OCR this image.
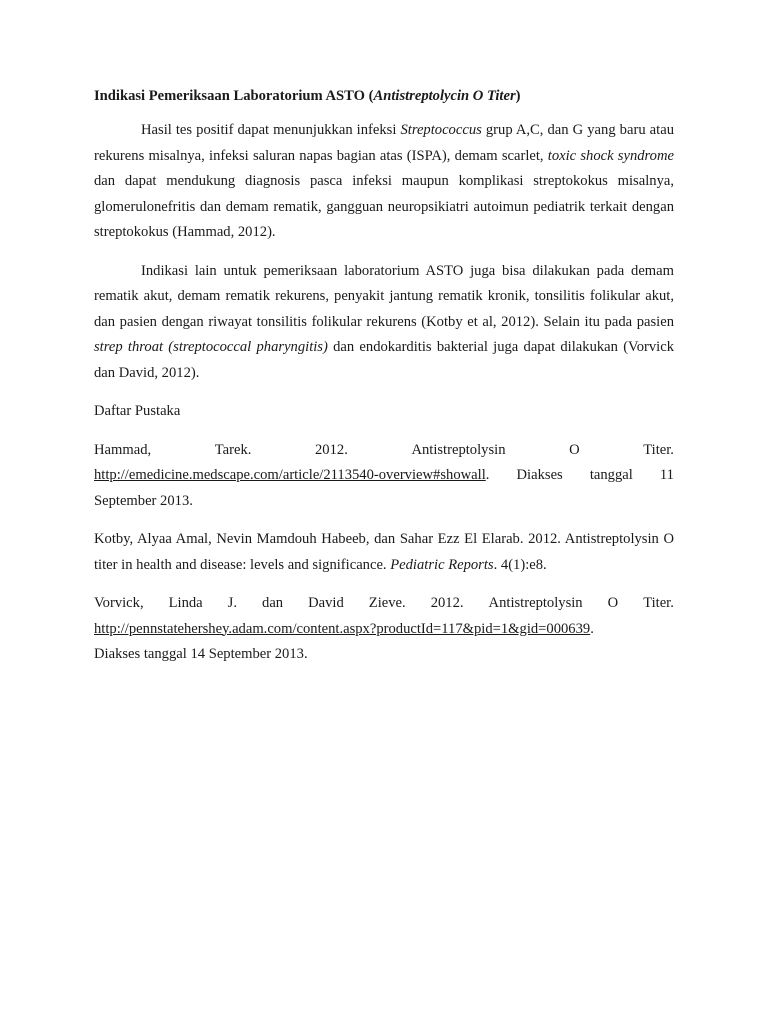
Indikasi Pemeriksaan Laboratorium ASTO (Antistreptolycin O Titer)

Hasil tes positif dapat menunjukkan infeksi Streptococcus grup A,C, dan G yang baru atau rekurens misalnya, infeksi saluran napas bagian atas (ISPA), demam scarlet, toxic shock syndrome dan dapat mendukung diagnosis pasca infeksi maupun komplikasi streptokokus misalnya, glomerulonefritis dan demam rematik, gangguan neuropsikiatri autoimun pediatrik terkait dengan streptokokus (Hammad, 2012).

Indikasi lain untuk pemeriksaan laboratorium ASTO juga bisa dilakukan pada demam rematik akut, demam rematik rekurens, penyakit jantung rematik kronik, tonsilitis folikular akut, dan pasien dengan riwayat tonsilitis folikular rekurens (Kotby et al, 2012). Selain itu pada pasien strep throat (streptococcal pharyngitis) dan endokarditis bakterial juga dapat dilakukan (Vorvick dan David, 2012).

Daftar Pustaka
Hammad,	Tarek.	2012.	Antistreptolysin	O	Titer.
http://emedicine.medscape.com/article/2113540-overview#showall. Diakses tanggal 11
September 2013.

Kotby, Alyaa Amal, Nevin Mamdouh Habeeb, dan Sahar Ezz El Elarab. 2012. Antistreptolysin O titer in health and disease: levels and significance. Pediatric Reports. 4(1):e8.

Vorvick, Linda J. dan David Zieve. 2012. Antistreptolysin O Titer.
http://pennstatehershey.adam.com/content.aspx?productId=117&pid=1&gid=000639.
Diakses tanggal 14 September 2013.
